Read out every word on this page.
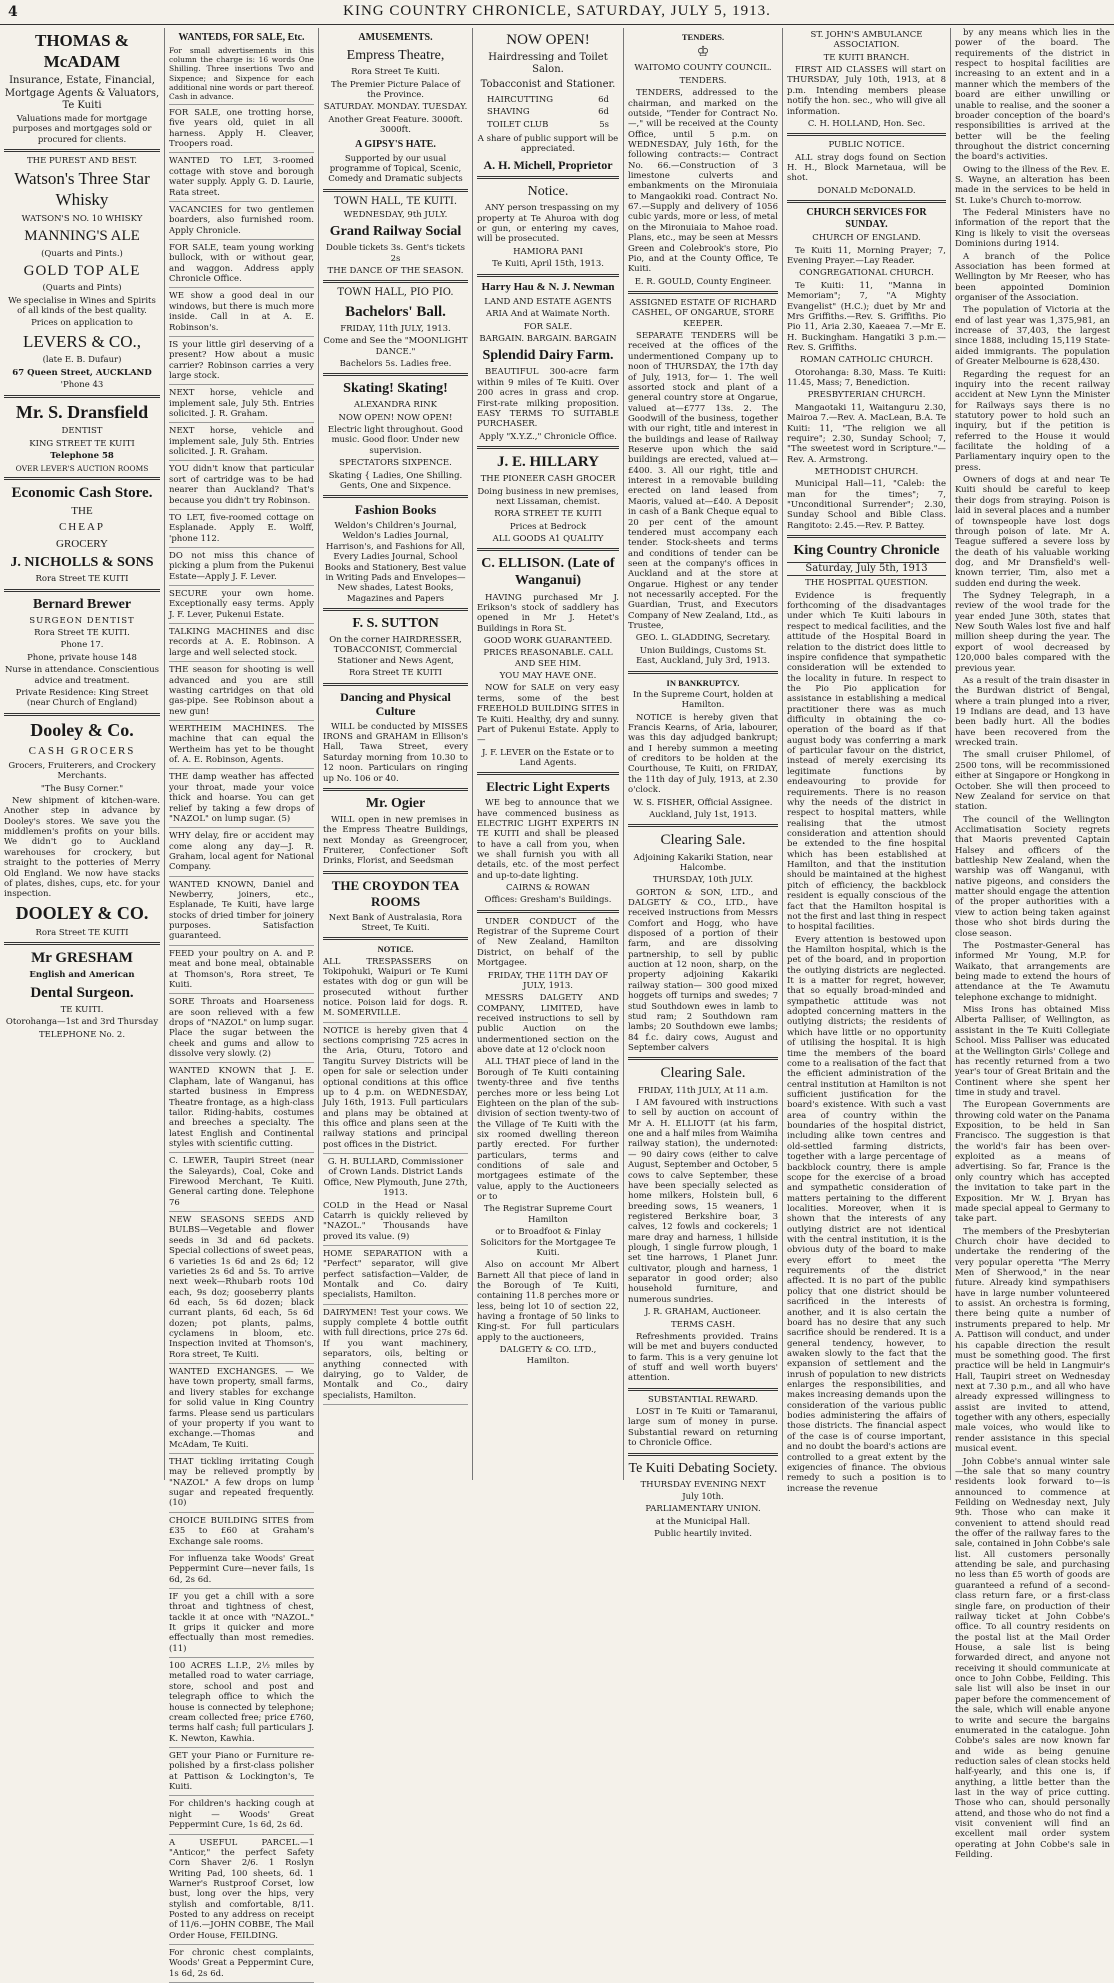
4	KING COUNTRY CHRONICLE, SATURDAY, JULY 5, 1913.
THOMAS & McADAM
Insurance, Estate, Financial, Mortgage Agents & Valuators, Te Kuiti
Valuations made for mortgage purposes and mortgages sold or procured for clients.
THE PUREST AND BEST.
Watson's Three Star Whisky
WATSON'S NO. 10 WHISKY
MANNING'S ALE
(Quarts and Pints.)
GOLD TOP ALE
(Quarts and Pints)
We specialise in Wines and Spirits of all kinds of the best quality.
Prices on application to
LEVERS & CO.,
(late E. B. Dufaur)
67 Queen Street, AUCKLAND
'Phone 43
Mr. S. Dransfield
DENTIST
KING STREET TE KUITI
Telephone 58
OVER LEVER'S AUCTION ROOMS
Economic Cash Store.
THE
CHEAP
GROCERY
J. NICHOLLS & SONS
Rora Street TE KUITI
Bernard Brewer
SURGEON DENTIST
Rora Street TE KUITI.
Phone 17.
Phone, private house 148
Nurse in attendance. Conscientious advice and treatment.
Private Residence: King Street (near Church of England)
Dooley & Co.
CASH GROCERS
Grocers, Fruiterers, and Crockery Merchants.
"The Busy Corner."
New shipment of kitchen-ware. Another step in advance by Dooley's stores. We save you the middlemen's profits on your bills. We didn't go to Auckland warehouses for crockery, but straight to the potteries of Merry Old England. We now have stacks of plates, dishes, cups, etc. for your inspection.
DOOLEY & CO.
Rora Street TE KUITI
Mr GRESHAM
English and American
Dental Surgeon.
TE KUITI.
Otorohanga—1st and 3rd Thursday
TELEPHONE No. 2.
WANTEDS, FOR SALE, Etc.
For small advertisements in this column the charge is: 16 words One Shilling. Three insertions Two and Sixpence; and Sixpence for each additional nine words or part thereof. Cash in advance.
FOR SALE, one trotting horse, five years old, quiet in all harness. Apply H. Cleaver, Troopers road.
WANTED TO LET, 3-roomed cottage with stove and borough water supply. Apply G. D. Laurie, Rata street.
VACANCIES for two gentlemen boarders, also furnished room. Apply Chronicle.
FOR SALE, team young working bullock, with or without gear, and waggon. Address apply Chronicle Office.
WE show a good deal in our windows, but there is much more inside. Call in at A. E. Robinson's.
IS your little girl deserving of a present? How about a music carrier? Robinson carries a very large stock.
NEXT horse, vehicle and implement sale, July 5th. Entries solicited. J. R. Graham.
NEXT horse, vehicle and implement sale, July 5th. Entries solicited. J. R. Graham.
YOU didn't know that particular sort of cartridge was to be had nearer than Auckland? That's because you didn't try Robinson.
TO LET, five-roomed cottage on Esplanade. Apply E. Wolff, 'phone 112.
DO not miss this chance of picking a plum from the Pukenui Estate—Apply J. F. Lever.
SECURE your own home. Exceptionally easy terms. Apply J. F. Lever, Pukenui Estate.
TALKING MACHINES and disc records at A. E. Robinson. A large and well selected stock.
THE season for shooting is well advanced and you are still wasting cartridges on that old gas-pipe. See Robinson about a new gun!
WERTHEIM MACHINES. The machine that can equal the Wertheim has yet to be thought of. A. E. Robinson, Agents.
THE damp weather has affected your throat, made your voice thick and hoarse. You can get relief by taking a few drops of "NAZOL" on lump sugar. (5)
WHY delay, fire or accident may come along any day—J. R. Graham, local agent for National Company.
WANTED KNOWN, Daniel and Newberry, joiners, etc., Esplanade, Te Kuiti, have large stocks of dried timber for joinery purposes. Satisfaction guaranteed.
FEED your poultry on A. and P. meat and bone meal, obtainable at Thomson's, Rora street, Te Kuiti.
SORE Throats and Hoarseness are soon relieved with a few drops of "NAZOL" on lump sugar. Place the sugar between the cheek and gums and allow to dissolve very slowly. (2)
WANTED KNOWN that J. E. Clapham, late of Wanganui, has started business in Empress Theatre frontage, as a high-class tailor. Riding-habits, costumes and breeches a specialty. The latest English and Continental styles with scientific cutting.
C. LEWER, Taupiri Street (near the Saleyards), Coal, Coke and Firewood Merchant, Te Kuiti. General carting done. Telephone 76
NEW SEASONS SEEDS AND BULBS—Vegetable and flower seeds in 3d and 6d packets. Special collections of sweet peas, 6 varieties 1s 6d and 2s 6d; 12 varieties 2s 6d and 5s. To arrive next week—Rhubarb roots 10d each, 9s doz; gooseberry plants 6d each, 5s 6d dozen; black currant plants, 6d each, 5s 6d dozen; pot plants, palms, cyclamens in bloom, etc. Inspection invited at Thomson's, Rora street, Te Kuiti.
WANTED EXCHANGES. — We have town property, small farms, and livery stables for exchange for solid value in King Country farms. Please send us particulars of your property if you want to exchange.—Thomas and McAdam, Te Kuiti.
THAT tickling irritating Cough may be relieved promptly by "NAZOL" A few drops on lump sugar and repeated frequently. (10)
CHOICE BUILDING SITES from £35 to £60 at Graham's Exchange sale rooms.
For influenza take Woods' Great Peppermint Cure—never fails, 1s 6d, 2s 6d.
IF you get a chill with a sore throat and tightness of chest, tackle it at once with "NAZOL." It grips it quicker and more effectually than most remedies. (11)
100 ACRES L.I.P., 2½ miles by metalled road to water carriage, store, school and post and telegraph office to which the house is connected by telephone; cream collected free; price £760, terms half cash; full particulars J. K. Newton, Kawhia.
GET your Piano or Furniture re-polished by a first-class polisher at Pattison & Lockington's, Te Kuiti.
For children's hacking cough at night — Woods' Great Peppermint Cure, 1s 6d, 2s 6d.
A USEFUL PARCEL.—1 "Anticor," the perfect Safety Corn Shaver 2/6. 1 Roslyn Writing Pad, 100 sheets, 6d. 1 Warner's Rustproof Corset, low bust, long over the hips, very stylish and comfortable, 8/11. Posted to any address on receipt of 11/6.—JOHN COBBE, The Mail Order House, FEILDING.
For chronic chest complaints, Woods' Great a Peppermint Cure, 1s 6d, 2s 6d.
AMUSEMENTS.
Empress Theatre,
Rora Street Te Kuiti.
The Premier Picture Palace of the Province.
SATURDAY. MONDAY. TUESDAY.
Another Great Feature. 3000ft. 3000ft.
A GIPSY'S HATE.
Supported by our usual programme of Topical, Scenic, Comedy and Dramatic subjects
TOWN HALL, TE KUITI.
WEDNESDAY, 9th JULY.
Grand Railway Social
Double tickets 3s. Gent's tickets 2s
THE DANCE OF THE SEASON.
TOWN HALL, PIO PIO.
Bachelors' Ball.
FRIDAY, 11th JULY, 1913.
Come and See the "MOONLIGHT DANCE."
Bachelors 5s. Ladies free.
Skating! Skating!
ALEXANDRA RINK
NOW OPEN! NOW OPEN!
Electric light throughout. Good music. Good floor. Under new supervision.
SPECTATORS SIXPENCE.
Skating { Ladies, One Shilling. Gents, One and Sixpence.
Fashion Books
Weldon's Children's Journal, Weldon's Ladies Journal, Harrison's, and Fashions for All, Every Ladies Journal, School Books and Stationery, Best value in Writing Pads and Envelopes—New shades, Latest Books, Magazines and Papers
F. S. SUTTON
On the corner HAIRDRESSER, TOBACCONIST, Commercial Stationer and News Agent,
Rora Street TE KUITI
Dancing and Physical Culture
WILL be conducted by MISSES IRONS and GRAHAM in Ellison's Hall, Tawa Street, every Saturday morning from 10.30 to 12 noon. Particulars on ringing up No. 106 or 40.
Mr. Ogier
WILL open in new premises in the Empress Theatre Buildings, next Monday as Greengrocer, Fruiterer, Confectioner Soft Drinks, Florist, and Seedsman
THE CROYDON TEA ROOMS
Next Bank of Australasia, Rora Street, Te Kuiti.
NOTICE.
ALL TRESPASSERS on Tokipohuki, Waipuri or Te Kumi estates with dog or gun will be prosecuted without further notice. Poison laid for dogs. R. M. SOMERVILLE.
NOTICE is hereby given that 4 sections comprising 725 acres in the Aria, Oturu, Totoro and Tangitu Survey Districts will be open for sale or selection under optional conditions at this office up to 4 p.m. on WEDNESDAY, July 16th, 1913. Full particulars and plans may be obtained at this office and plans seen at the railway stations and principal post offices in the District.
G. H. BULLARD, Commissioner of Crown Lands. District Lands Office, New Plymouth, June 27th, 1913.
COLD in the Head or Nasal Catarrh is quickly relieved by "NAZOL." Thousands have proved its value. (9)
HOME SEPARATION with a "Perfect" separator, will give perfect satisfaction—Valder, de Montalk and Co. dairy specialists, Hamilton.
DAIRYMEN! Test your cows. We supply complete 4 bottle outfit with full directions, price 27s 6d. If you want machinery, separators, oils, belting or anything connected with dairying, go to Valder, de Montalk and Co., dairy specialists, Hamilton.
NOW OPEN!
Hairdressing and Toilet Salon.
Tobacconist and Stationer.
HAIRCUTTING	6d
SHAVING	6d
TOILET CLUB	5s
A share of public support will be appreciated.
A. H. Michell, Proprietor
Notice.
ANY person trespassing on my property at Te Ahuroa with dog or gun, or entering my caves, will be prosecuted.
HAMIORA PANI
Te Kuiti, April 15th, 1913.
Harry Hau & N. J. Newman
LAND AND ESTATE AGENTS
ARIA And at Waimate North.
FOR SALE.
BARGAIN. BARGAIN. BARGAIN
Splendid Dairy Farm.
BEAUTIFUL 300-acre farm within 9 miles of Te Kuiti. Over 200 acres in grass and crop. First-rate milking proposition. EASY TERMS TO SUITABLE PURCHASER.
Apply "X.Y.Z.," Chronicle Office.
J. E. HILLARY
THE PIONEER CASH GROCER
Doing business in new premises, next Lissaman, chemist.
RORA STREET TE KUITI
Prices at Bedrock
ALL GOODS A1 QUALITY
C. ELLISON. (Late of Wanganui)
HAVING purchased Mr J. Erikson's stock of saddlery has opened in Mr J. Hetet's Buildings in Rora St.
GOOD WORK GUARANTEED.
PRICES REASONABLE. CALL AND SEE HIM.
YOU MAY HAVE ONE.
NOW for SALE on very easy terms, some of the best FREEHOLD BUILDING SITES in Te Kuiti. Healthy, dry and sunny. Part of Pukenui Estate. Apply to—
J. F. LEVER on the Estate or to Land Agents.
Electric Light Experts
WE beg to announce that we have commenced business as ELECTRIC LIGHT EXPERTS IN TE KUITI and shall be pleased to have a call from you, when we shall furnish you with all details, etc. of the most perfect and up-to-date lighting.
CAIRNS & ROWAN
Offices: Gresham's Buildings.
UNDER CONDUCT of the Registrar of the Supreme Court of New Zealand, Hamilton District, on behalf of the Mortgagee.
FRIDAY, THE 11TH DAY OF JULY, 1913.
MESSRS DALGETY AND COMPANY, LIMITED, have received instructions to sell by public Auction on the undermentioned section on the above date at 12 o'clock noon
ALL THAT piece of land in the Borough of Te Kuiti containing twenty-three and five tenths perches more or less being Lot Eighteen on the plan of the sub-division of section twenty-two of the Village of Te Kuiti with the six roomed dwelling thereon partly erected. For further particulars, terms and conditions of sale and mortgagees estimate of the value, apply to the Auctioneers or to
The Registrar Supreme Court Hamilton
or to Broadfoot & Finlay Solicitors for the Mortgagee Te Kuiti.
Also on account Mr Albert Barnett All that piece of land in the Borough of Te Kuiti, containing 11.8 perches more or less, being lot 10 of section 22, having a frontage of 50 links to King-st. For full particulars apply to the auctioneers,
DALGETY & CO. LTD., Hamilton.
TENDERS.
♔
WAITOMO COUNTY COUNCIL.
TENDERS.
TENDERS, addressed to the chairman, and marked on the outside, "Tender for Contract No. —," will be received at the County Office, until 5 p.m. on WEDNESDAY, July 16th, for the following contracts:— Contract No. 66.—Construction of 3 limestone culverts and embankments on the Mironuiaia to Mangaokiki road. Contract No. 67.—Supply and delivery of 1056 cubic yards, more or less, of metal on the Mironuiaia to Mahoe road. Plans, etc., may be seen at Messrs Green and Colebrook's store, Pio Pio, and at the County Office, Te Kuiti.
E. R. GOULD, County Engineer.
ASSIGNED ESTATE OF RICHARD CASHEL, OF ONGARUE, STORE KEEPER.
SEPARATE TENDERS will be received at the offices of the undermentioned Company up to noon of THURSDAY, the 17th day of July, 1913, for— 1. The well assorted stock and plant of a general country store at Ongarue, valued at—£777 13s. 2. The Goodwill of the business, together with our right, title and interest in the buildings and lease of Railway Reserve upon which the said buildings are erected, valued at—£400. 3. All our right, title and interest in a removable building erected on land leased from Maoris, valued at—£40. A Deposit in cash of a Bank Cheque equal to 20 per cent of the amount tendered must accompany each tender. Stock-sheets and terms and conditions of tender can be seen at the company's offices in Auckland and at the store at Ongarue. Highest or any tender not necessarily accepted. For the Guardian, Trust, and Executors Company of New Zealand, Ltd., as Trustee,
GEO. L. GLADDING, Secretary.
Union Buildings, Customs St. East, Auckland, July 3rd, 1913.
IN BANKRUPTCY.
In the Supreme Court, holden at Hamilton.
NOTICE is hereby given that Francis Kearns, of Aria, labourer, was this day adjudged bankrupt; and I hereby summon a meeting of creditors to be holden at the Courthouse, Te Kuiti, on FRIDAY, the 11th day of July, 1913, at 2.30 o'clock.
W. S. FISHER, Official Assignee.
Auckland, July 1st, 1913.
Clearing Sale.
Adjoining Kakariki Station, near Halcombe.
THURSDAY, 10th JULY.
GORTON & SON, LTD., and DALGETY & CO., LTD., have received instructions from Messrs Comfort and Hogg, who have disposed of a portion of their farm, and are dissolving partnership, to sell by public auction at 12 noon, sharp, on the property adjoining Kakariki railway station— 300 good mixed hoggets off turnips and swedes; 7 stud Southdown ewes in lamb to stud ram; 2 Southdown ram lambs; 20 Southdown ewe lambs; 84 f.c. dairy cows, August and September calvers
Clearing Sale.
FRIDAY, 11th JULY, At 11 a.m.
I AM favoured with instructions to sell by auction on account of Mr A. H. ELLIOTT (at his farm, one and a half miles from Waimiha railway station), the undernoted:— 90 dairy cows (either to calve August, September and October, 5 cows to calve September, these have been specially selected as home milkers, Holstein bull, 6 breeding sows, 15 weaners, 1 registered Berkshire boar, 3 calves, 12 fowls and cockerels; 1 mare dray and harness, 1 hillside plough, 1 single furrow plough, 1 set tine harrows, 1 Planet Junr. cultivator, plough and harness, 1 separator in good order; also household furniture, and numerous sundries.
J. R. GRAHAM, Auctioneer.
TERMS CASH.
Refreshments provided. Trains will be met and buyers conducted to farm. This is a very genuine lot of stuff and well worth buyers' attention.
SUBSTANTIAL REWARD.
LOST in Te Kuiti or Tamaranui, large sum of money in purse. Substantial reward on returning to Chronicle Office.
Te Kuiti Debating Society.
THURSDAY EVENING NEXT
July 10th.
PARLIAMENTARY UNION.
at the Municipal Hall.
Public heartily invited.
ST. JOHN'S AMBULANCE ASSOCIATION.
TE KUITI BRANCH.
FIRST AID CLASSES will start on THURSDAY, July 10th, 1913, at 8 p.m. Intending members please notify the hon. sec., who will give all information.
C. H. HOLLAND, Hon. Sec.
PUBLIC NOTICE.
ALL stray dogs found on Section H. H., Block Marnetaua, will be shot.
DONALD McDONALD.
CHURCH SERVICES FOR SUNDAY.
CHURCH OF ENGLAND.
Te Kuiti 11, Morning Prayer; 7, Evening Prayer.—Lay Reader.
CONGREGATIONAL CHURCH.
Te Kuiti: 11, "Manna in Memoriam"; 7, "A Mighty Evangelist" (H.C.); duet by Mr and Mrs Griffiths.—Rev. S. Griffiths. Pio Pio 11, Aria 2.30, Kaeaea 7.—Mr E. H. Buckingham. Hangatiki 3 p.m.—Rev. S. Griffiths.
ROMAN CATHOLIC CHURCH.
Otorohanga: 8.30, Mass. Te Kuiti: 11.45, Mass; 7, Benediction.
PRESBYTERIAN CHURCH.
Mangaotaki 11, Waitanguru 2.30, Mairoa 7.—Rev. A. MacLean, B.A. Te Kuiti: 11, "The religion we all require"; 2.30, Sunday School; 7, "The sweetest word in Scripture."—Rev. A. Armstrong.
METHODIST CHURCH.
Municipal Hall—11, "Caleb: the man for the times"; 7, "Unconditional Surrender"; 2.30, Sunday School and Bible Class. Rangitoto: 2.45.—Rev. P. Battey.
King Country Chronicle
Saturday, July 5th, 1913
THE HOSPITAL QUESTION.
Evidence is frequently forthcoming of the disadvantages under which Te Kuiti labours in respect to medical facilities, and the attitude of the Hospital Board in relation to the district does little to inspire confidence that sympathetic consideration will be extended to the locality in future. In respect to the Pio Pio application for assistance in establishing a medical practitioner there was as much difficulty in obtaining the co-operation of the board as if that august body was conferring a mark of particular favour on the district, instead of merely exercising its legitimate functions by endeavouring to provide for requirements. There is no reason why the needs of the district in respect to hospital matters, while realising that the utmost consideration and attention should be extended to the fine hospital which has been established at Hamilton, and that the institution should be maintained at the highest pitch of efficiency, the backblock resident is equally conscious of the fact that the Hamilton hospital is not the first and last thing in respect to hospital facilities.
Every attention is bestowed upon the Hamilton hospital, which is the pet of the board, and in proportion the outlying districts are neglected. It is a matter for regret, however, that so equally broad-minded and sympathetic attitude was not adopted concerning matters in the outlying districts; the residents of which have little or no opportunity of utilising the hospital. It is high time the members of the board come to a realisation of the fact that the efficient administration of the central institution at Hamilton is not sufficient justification for the board's existence. With such a vast area of country within the boundaries of the hospital district, including alike town centres and old-settled farming districts, together with a large percentage of backblock country, there is ample scope for the exercise of a broad and sympathetic consideration of matters pertaining to the different localities. Moreover, when it is shown that the interests of any outlying district are not identical with the central institution, it is the obvious duty of the board to make every effort to meet the requirements of the district affected. It is no part of the public policy that one district should be sacrificed in the interests of another, and it is also certain the board has no desire that any such sacrifice should be rendered. It is a general tendency, however, to awaken slowly to the fact that the expansion of settlement and the inrush of population to new districts enlarges the responsibilities, and makes increasing demands upon the consideration of the various public bodies administering the affairs of those districts. The financial aspect of the case is of course important, and no doubt the board's actions are controlled to a great extent by the exigencies of finance. The obvious remedy to such a position is to increase the revenue
by any means which lies in the power of the board. The requirements of the district in respect to hospital facilities are increasing to an extent and in a manner which the members of the board are either unwilling or unable to realise, and the sooner a broader conception of the board's responsibilities is arrived at the better will be the feeling throughout the district concerning the board's activities.
Owing to the illness of the Rev. E. S. Wayne, an alteration has been made in the services to be held in St. Luke's Church to-morrow.
The Federal Ministers have no information of the report that the King is likely to visit the overseas Dominions during 1914.
A branch of the Police Association has been formed at Wellington by Mr Reeser, who has been appointed Dominion organiser of the Association.
The population of Victoria at the end of last year was 1,375,981, an increase of 37,403, the largest since 1888, including 15,119 State-aided immigrants. The population of Greater Melbourne is 628,430.
Regarding the request for an inquiry into the recent railway accident at New Lynn the Minister for Railways says there is no statutory power to hold such an inquiry, but if the petition is referred to the House it would facilitate the holding of a Parliamentary inquiry open to the press.
Owners of dogs at and near Te Kuiti should be careful to keep their dogs from straying. Poison is laid in several places and a number of townspeople have lost dogs through poison of late. Mr A. Teague suffered a severe loss by the death of his valuable working dog, and Mr Dransfield's well-known terrier, Tim, also met a sudden end during the week.
The Sydney Telegraph, in a review of the wool trade for the year ended June 30th, states that New South Wales lost five and half million sheep during the year. The export of wool decreased by 120,000 bales compared with the previous year.
As a result of the train disaster in the Burdwan district of Bengal, where a train plunged into a river, 19 Indians are dead, and 13 have been badly hurt. All the bodies have been recovered from the wrecked train.
The small cruiser Philomel, of 2500 tons, will be recommissioned either at Singapore or Hongkong in October. She will then proceed to New Zealand for service on that station.
The council of the Wellington Acclimatisation Society regrets that Maoris prevented Captain Halsey and officers of the battleship New Zealand, when the warship was off Wanganui, with native pigeons, and considers the matter should engage the attention of the proper authorities with a view to action being taken against those who shot birds during the close season.
The Postmaster-General has informed Mr Young, M.P. for Waikato, that arrangements are being made to extend the hours of attendance at the Te Awamutu telephone exchange to midnight.
Miss Irons has obtained Miss Alberta Palliser, of Wellington, as assistant in the Te Kuiti Collegiate School. Miss Palliser was educated at the Wellington Girls' College and has recently returned from a two year's tour of Great Britain and the Continent where she spent her time in study and travel.
The European Governments are throwing cold water on the Panama Exposition, to be held in San Francisco. The suggestion is that the world's fair has been over-exploited as a means of advertising. So far, France is the only country which has accepted the invitation to take part in the Exposition. Mr W. J. Bryan has made special appeal to Germany to take part.
The members of the Presbyterian Church choir have decided to undertake the rendering of the very popular operetta "The Merry Men of Sherwood," in the near future. Already kind sympathisers have in large number volunteered to assist. An orchestra is forming, there being quite a number of instruments prepared to help. Mr A. Pattison will conduct, and under his capable direction the result must be something good. The first practice will be held in Langmuir's Hall, Taupiri street on Wednesday next at 7.30 p.m., and all who have already expressed willingness to assist are invited to attend, together with any others, especially male voices, who would like to render assistance in this special musical event.
John Cobbe's annual winter sale—the sale that so many country residents look forward to—is announced to commence at Feilding on Wednesday next, July 9th. Those who can make it convenient to attend should read the offer of the railway fares to the sale, contained in John Cobbe's sale list. All customers personally attending be sale, and purchasing no less than £5 worth of goods are guaranteed a refund of a second-class return fare, or a first-class single fare, on production of their railway ticket at John Cobbe's office. To all country residents on the postal list at the Mail Order House, a sale list is being forwarded direct, and anyone not receiving it should communicate at once to John Cobbe, Feilding. This sale list will also be inset in our paper before the commencement of the sale, which will enable anyone to write and secure the bargains enumerated in the catalogue. John Cobbe's sales are now known far and wide as being genuine reduction sales of clean stocks held half-yearly, and this one is, if anything, a little better than the last in the way of price cutting. Those who can, should personally attend, and those who do not find a visit convenient will find an excellent mail order system operating at John Cobbe's sale in Feilding.
